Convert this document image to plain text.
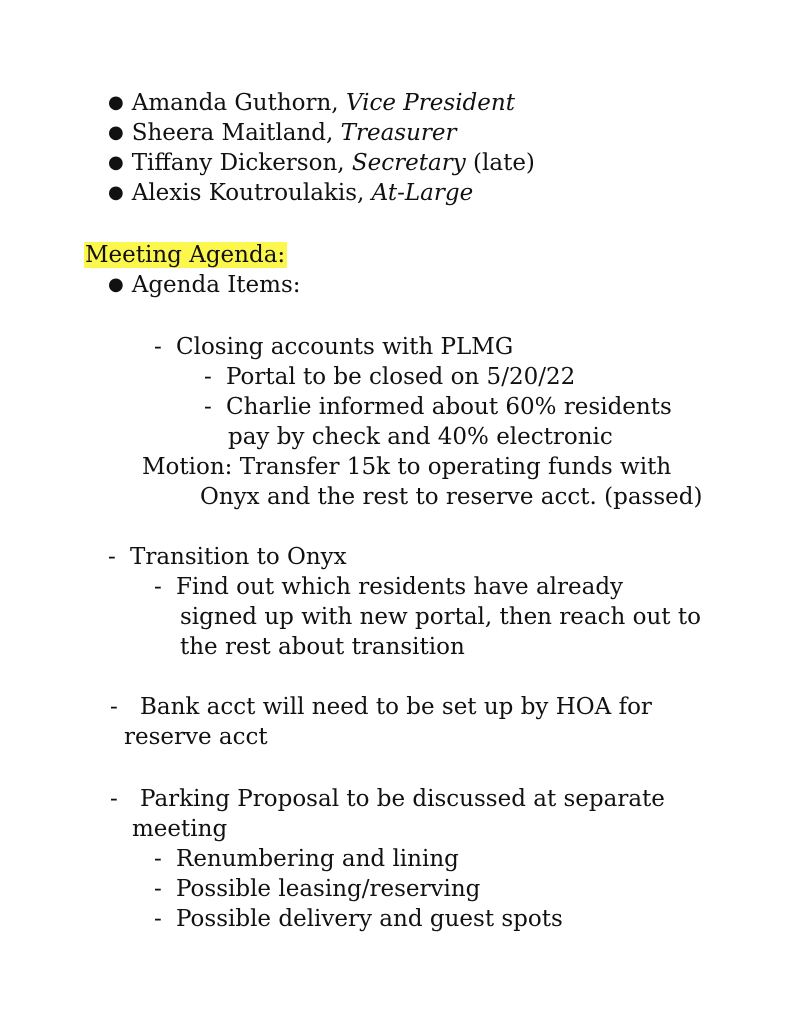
● Amanda Guthorn, Vice President
● Sheera Maitland, Treasurer
● Tiffany Dickerson, Secretary (late)
● Alexis Koutroulakis, At-Large
Meeting Agenda:
● Agenda Items:
- Closing accounts with PLMG
- Portal to be closed on 5/20/22
- Charlie informed about 60% residents
pay by check and 40% electronic
Motion: Transfer 15k to operating funds with
Onyx and the rest to reserve acct. (passed)
- Transition to Onyx
- Find out which residents have already
signed up with new portal, then reach out to
the rest about transition
- Bank acct will need to be set up by HOA for
reserve acct
- Parking Proposal to be discussed at separate
meeting
- Renumbering and lining
- Possible leasing/reserving
- Possible delivery and guest spots
